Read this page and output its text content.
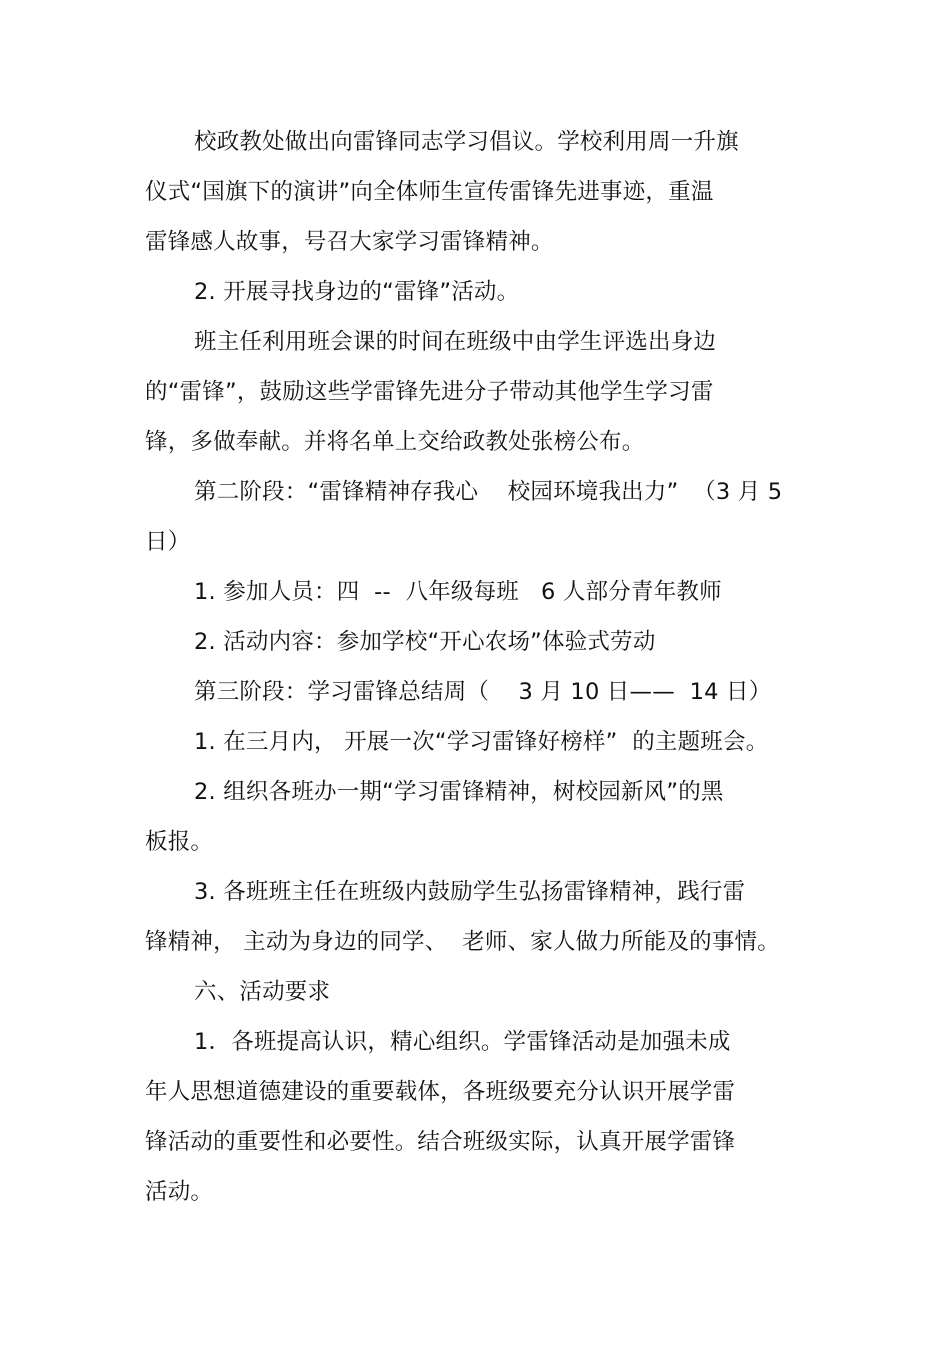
校政教处做出向雷锋同志学习倡议。学校利用周一升旗
仪式“国旗下的演讲”向全体师生宣传雷锋先进事迹，重温
雷锋感人故事，号召大家学习雷锋精神。
2. 开展寻找身边的“雷锋”活动。
班主任利用班会课的时间在班级中由学生评选出身边
的“雷锋”，鼓励这些学雷锋先进分子带动其他学生学习雷
锋，多做奉献。并将名单上交给政教处张榜公布。
第二阶段：“雷锋精神存我心    校园环境我出力”  （3 月 5
日）
1. 参加人员：四  --  八年级每班   6 人部分青年教师
2. 活动内容：参加学校“开心农场”体验式劳动
第三阶段：学习雷锋总结周（    3 月 10 日——  14 日）
1. 在三月内， 开展一次“学习雷锋好榜样”  的主题班会。
2. 组织各班办一期“学习雷锋精神，树校园新风”的黑
板报。
3. 各班班主任在班级内鼓励学生弘扬雷锋精神，践行雷
锋精神， 主动为身边的同学、  老师、家人做力所能及的事情。
六、活动要求
1．各班提高认识，精心组织。学雷锋活动是加强未成
年人思想道德建设的重要载体，各班级要充分认识开展学雷
锋活动的重要性和必要性。结合班级实际，认真开展学雷锋
活动。
